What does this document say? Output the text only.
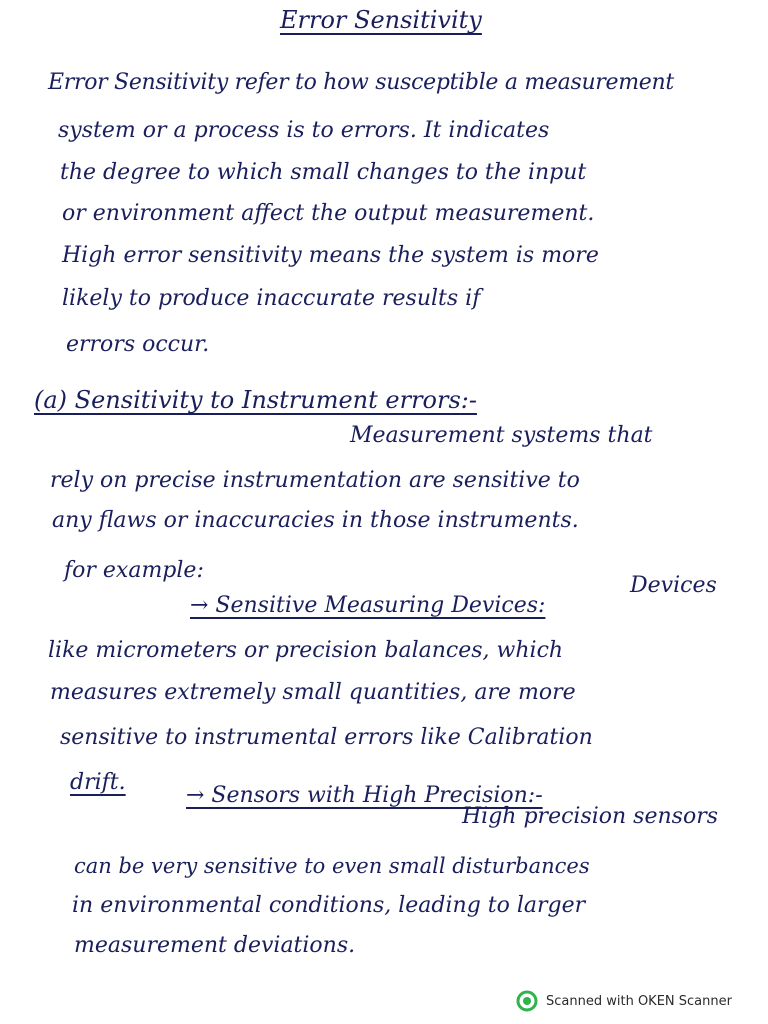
Error Sensitivity
Error Sensitivity refer to how susceptible a measurement
system or a process is to errors. It indicates
the degree to which small changes to the input
or environment affect the output measurement.
High error sensitivity means the system is more
likely to produce inaccurate results if
errors occur.
(a) Sensitivity to Instrument errors:-
Measurement systems that
rely on precise instrumentation are sensitive to
any flaws or inaccuracies in those instruments.
for example:
→ Sensitive Measuring Devices:
Devices
like micrometers or precision balances, which
measures extremely small quantities, are more
sensitive to instrumental errors like Calibration
drift.
→ Sensors with High Precision:-
High precision sensors
can be very sensitive to even small disturbances
in environmental conditions, leading to larger
measurement deviations.
Scanned with OKEN Scanner
